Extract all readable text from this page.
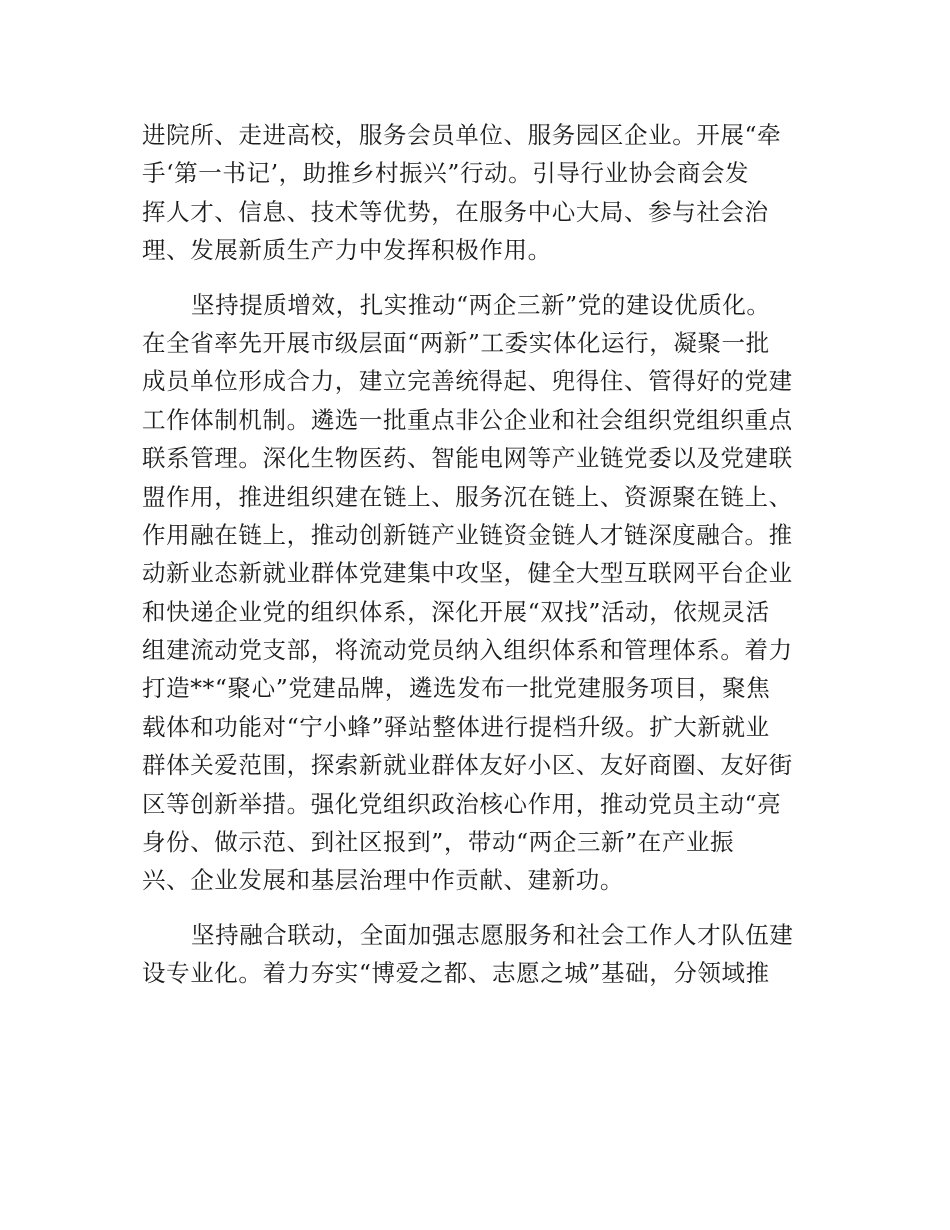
进院所、走进高校，服务会员单位、服务园区企业。开展“牵
手‘第一书记’，助推乡村振兴”行动。引导行业协会商会发
挥人才、信息、技术等优势，在服务中心大局、参与社会治
理、发展新质生产力中发挥积极作用。
坚持提质增效，扎实推动“两企三新”党的建设优质化。
在全省率先开展市级层面“两新”工委实体化运行，凝聚一批
成员单位形成合力，建立完善统得起、兜得住、管得好的党建
工作体制机制。遴选一批重点非公企业和社会组织党组织重点
联系管理。深化生物医药、智能电网等产业链党委以及党建联
盟作用，推进组织建在链上、服务沉在链上、资源聚在链上、
作用融在链上，推动创新链产业链资金链人才链深度融合。推
动新业态新就业群体党建集中攻坚，健全大型互联网平台企业
和快递企业党的组织体系，深化开展“双找”活动，依规灵活
组建流动党支部，将流动党员纳入组织体系和管理体系。着力
打造**“聚心”党建品牌，遴选发布一批党建服务项目，聚焦
载体和功能对“宁小蜂”驿站整体进行提档升级。扩大新就业
群体关爱范围，探索新就业群体友好小区、友好商圈、友好街
区等创新举措。强化党组织政治核心作用，推动党员主动“亮
身份、做示范、到社区报到”，带动“两企三新”在产业振
兴、企业发展和基层治理中作贡献、建新功。
坚持融合联动，全面加强志愿服务和社会工作人才队伍建
设专业化。着力夯实“博爱之都、志愿之城”基础，分领域推
